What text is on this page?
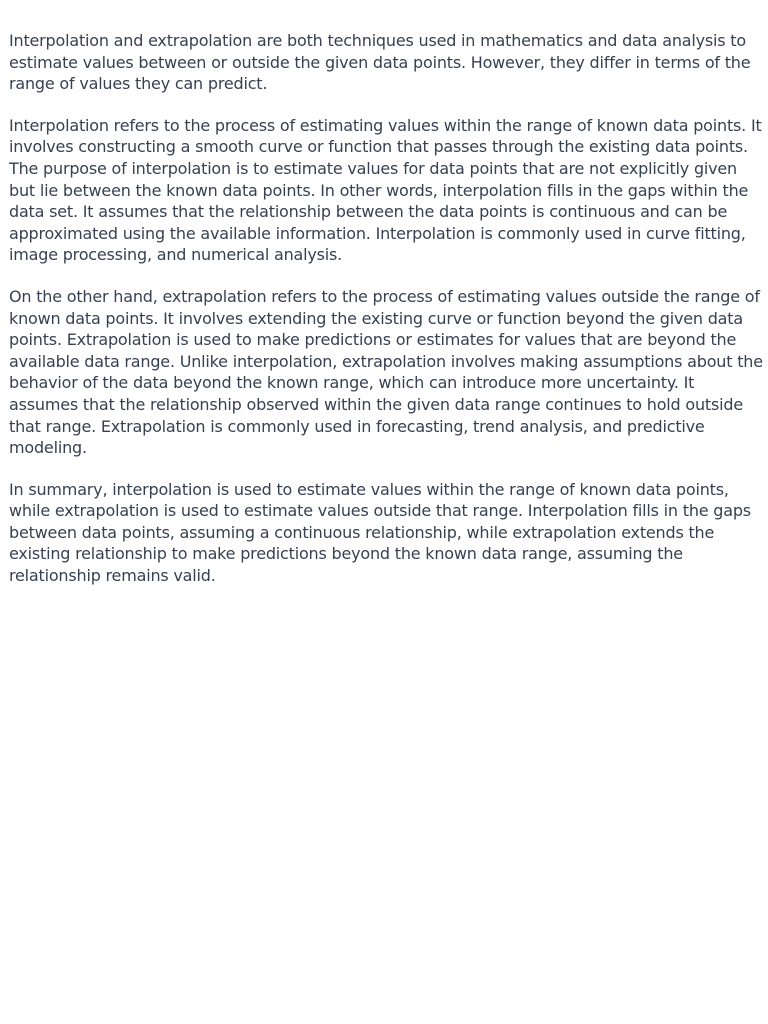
Interpolation and extrapolation are both techniques used in mathematics and data analysis to estimate values between or outside the given data points. However, they differ in terms of the range of values they can predict.

Interpolation refers to the process of estimating values within the range of known data points. It involves constructing a smooth curve or function that passes through the existing data points. The purpose of interpolation is to estimate values for data points that are not explicitly given but lie between the known data points. In other words, interpolation fills in the gaps within the data set. It assumes that the relationship between the data points is continuous and can be approximated using the available information. Interpolation is commonly used in curve fitting, image processing, and numerical analysis.

On the other hand, extrapolation refers to the process of estimating values outside the range of known data points. It involves extending the existing curve or function beyond the given data points. Extrapolation is used to make predictions or estimates for values that are beyond the available data range. Unlike interpolation, extrapolation involves making assumptions about the behavior of the data beyond the known range, which can introduce more uncertainty. It assumes that the relationship observed within the given data range continues to hold outside that range. Extrapolation is commonly used in forecasting, trend analysis, and predictive modeling.

In summary, interpolation is used to estimate values within the range of known data points, while extrapolation is used to estimate values outside that range. Interpolation fills in the gaps between data points, assuming a continuous relationship, while extrapolation extends the existing relationship to make predictions beyond the known data range, assuming the relationship remains valid.
